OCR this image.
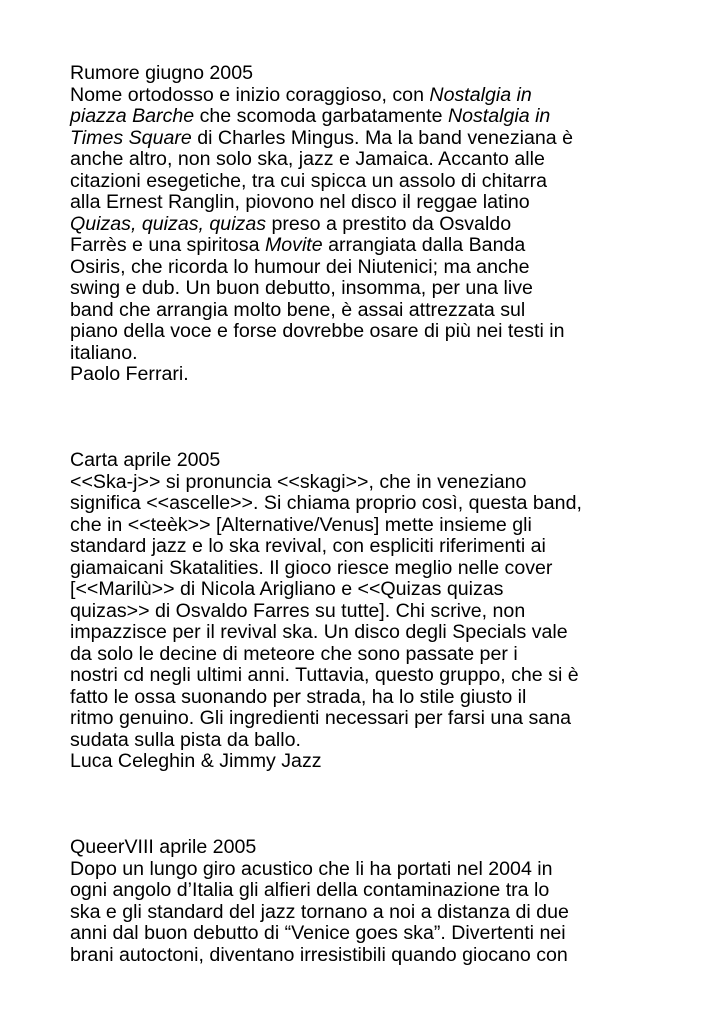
Rumore giugno 2005
Nome ortodosso e inizio coraggioso, con Nostalgia in
piazza Barche che scomoda garbatamente Nostalgia in
Times Square di Charles Mingus. Ma la band veneziana è
anche altro, non solo ska, jazz e Jamaica. Accanto alle
citazioni esegetiche, tra cui spicca un assolo di chitarra
alla Ernest Ranglin, piovono nel disco il reggae latino
Quizas, quizas, quizas preso a prestito da Osvaldo
Farrès e una spiritosa Movite arrangiata dalla Banda
Osiris, che ricorda lo humour dei Niutenici; ma anche
swing e dub. Un buon debutto, insomma, per una live
band che arrangia molto bene, è assai attrezzata sul
piano della voce e forse dovrebbe osare di più nei testi in
italiano.
Paolo Ferrari.
Carta aprile 2005
<<Ska-j>> si pronuncia <<skagi>>, che in veneziano
significa <<ascelle>>. Si chiama proprio così, questa band,
che in <<teèk>> [Alternative/Venus] mette insieme gli
standard jazz e lo ska revival, con espliciti riferimenti ai
giamaicani Skatalities. Il gioco riesce meglio nelle cover
[<<Marilù>> di Nicola Arigliano e <<Quizas quizas
quizas>> di Osvaldo Farres su tutte]. Chi scrive, non
impazzisce per il revival ska. Un disco degli Specials vale
da solo le decine di meteore che sono passate per i
nostri cd negli ultimi anni. Tuttavia, questo gruppo, che si è
fatto le ossa suonando per strada, ha lo stile giusto il
ritmo genuino. Gli ingredienti necessari per farsi una sana
sudata sulla pista da ballo.
Luca Celeghin & Jimmy Jazz
QueerVIII aprile 2005
Dopo un lungo giro acustico che li ha portati nel 2004 in
ogni angolo d’Italia gli alfieri della contaminazione tra lo
ska e gli standard del jazz tornano a noi a distanza di due
anni dal buon debutto di “Venice goes ska”. Divertenti nei
brani autoctoni, diventano irresistibili quando giocano con
